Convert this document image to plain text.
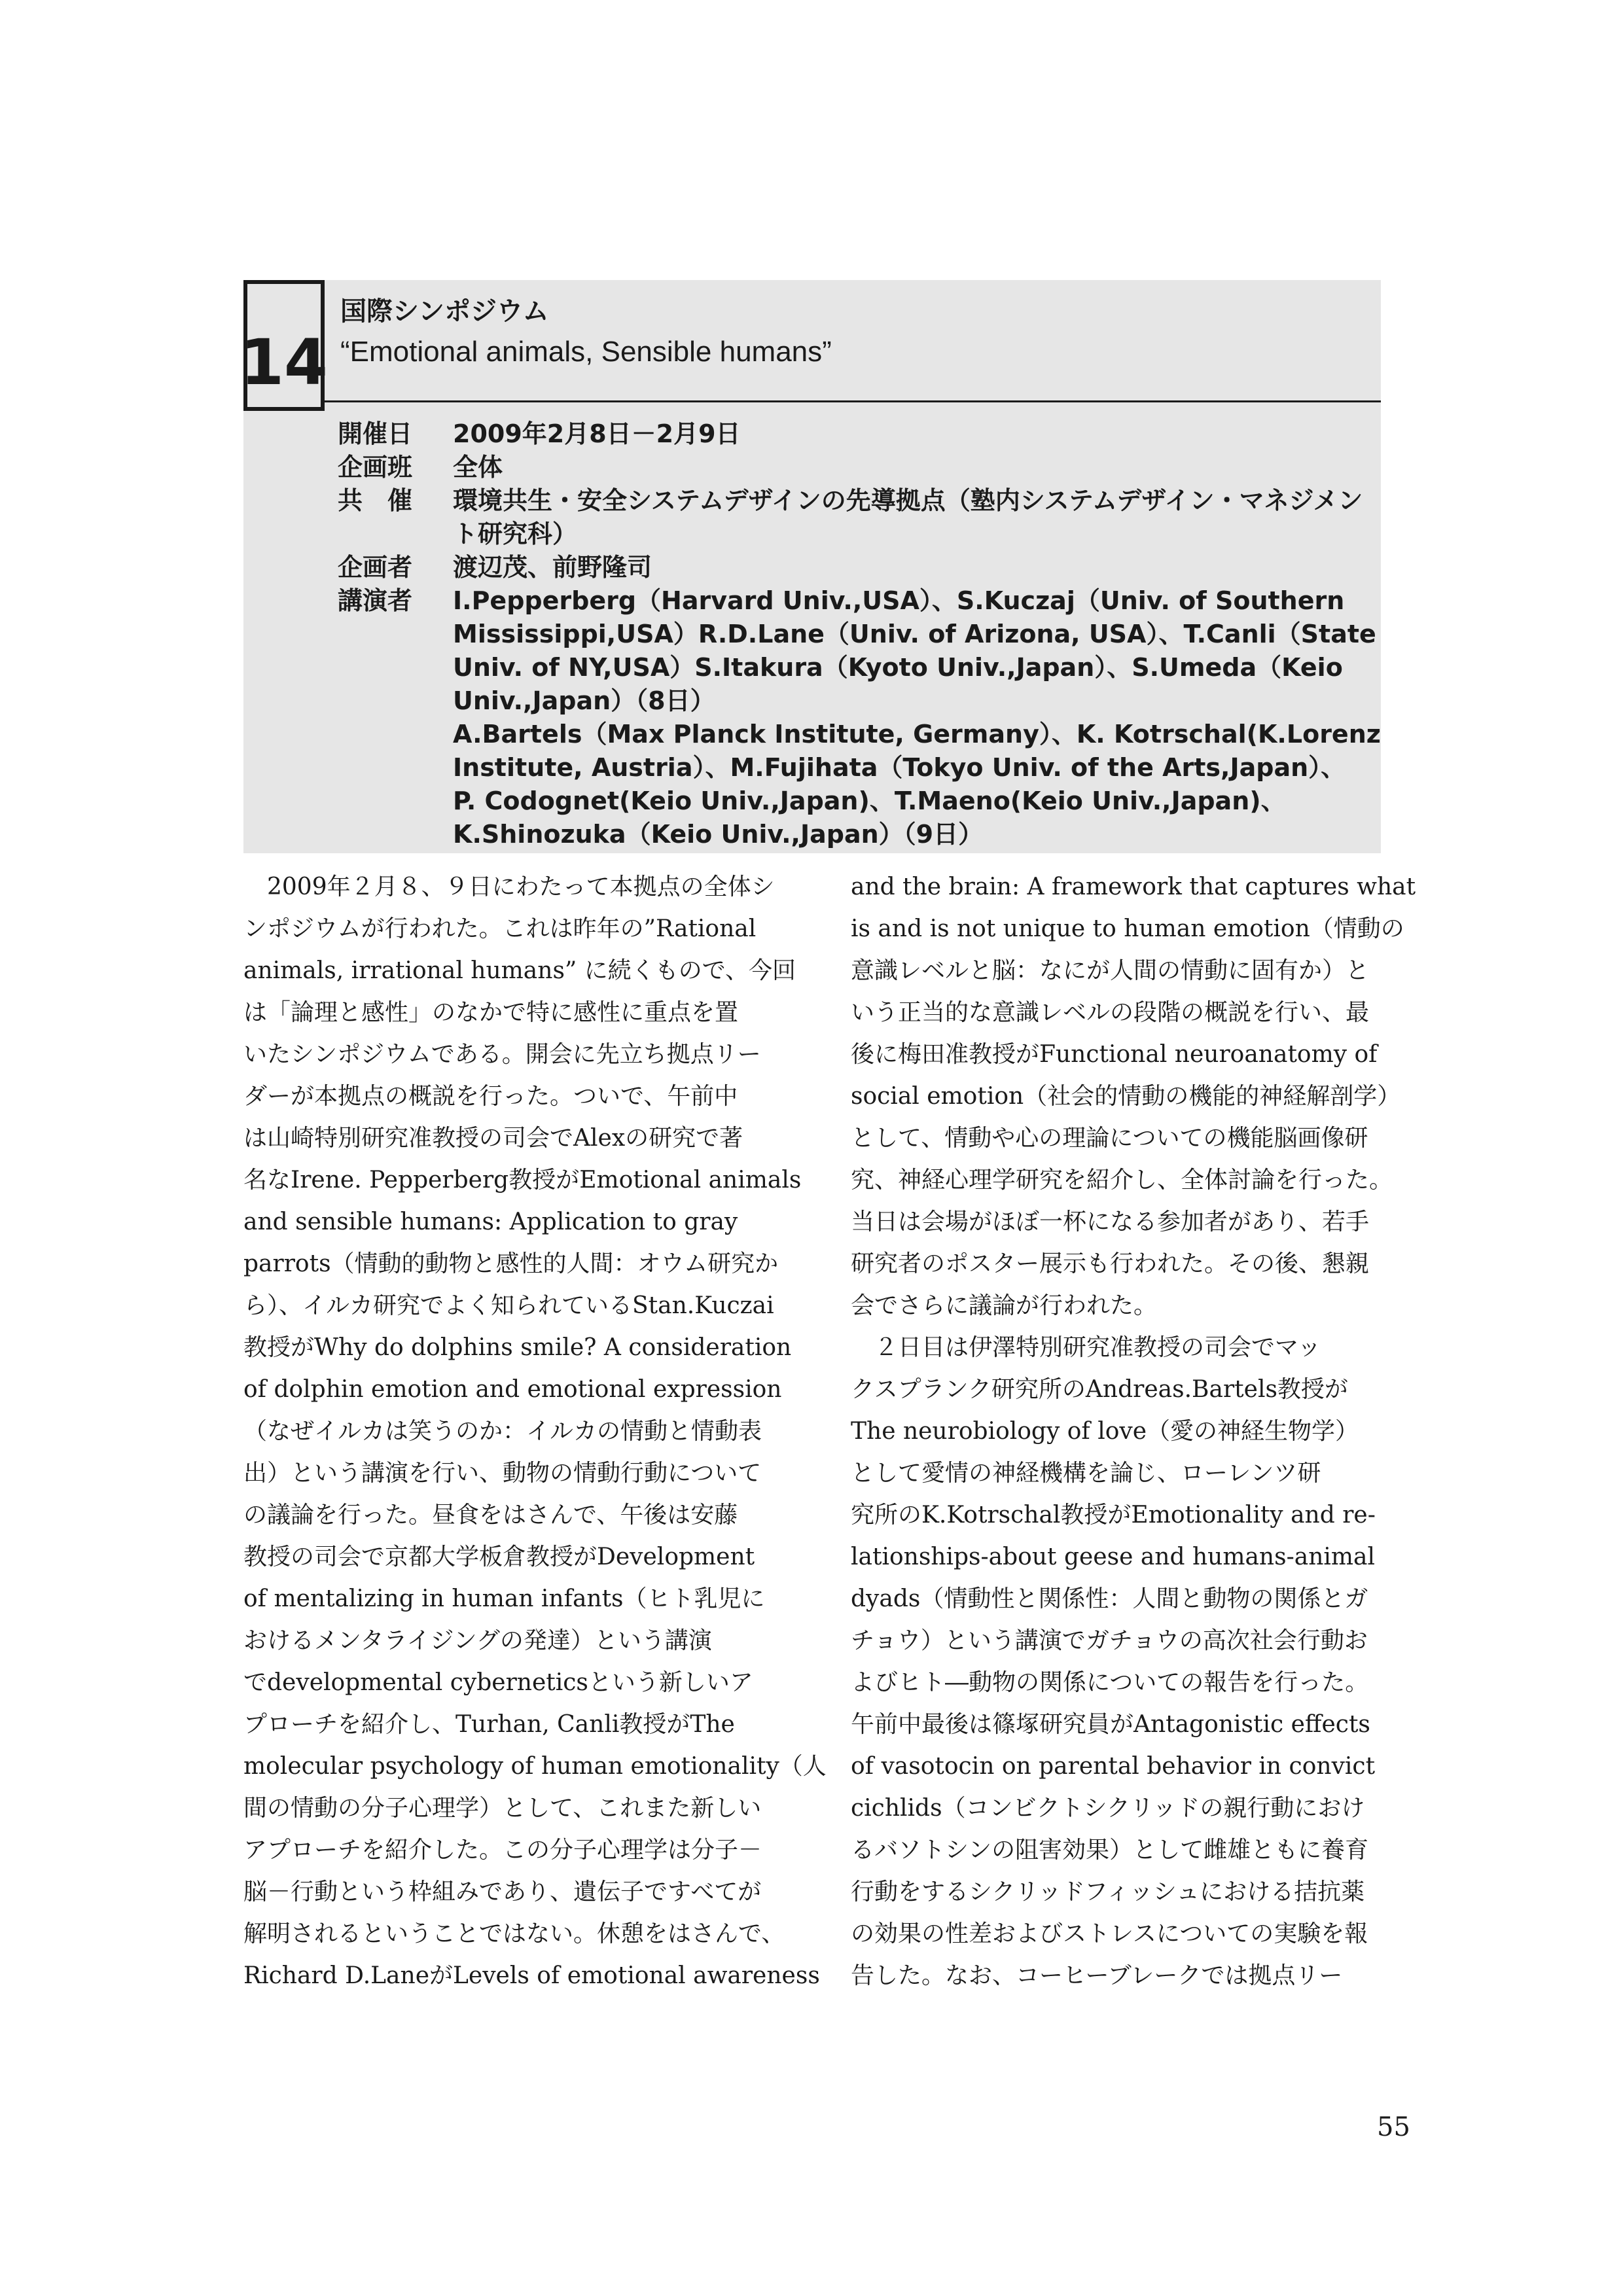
14
国際シンポジウム
“Emotional animals, Sensible humans”
開催日	2009年2月8日－2月9日
企画班	全体
共　催	環境共生・安全システムデザインの先導拠点（塾内システムデザイン・マネジメン
ト研究科）
企画者	渡辺茂、前野隆司
講演者	I.Pepperberg（Harvard Univ.,USA）、S.Kuczaj（Univ. of Southern
Mississippi,USA）R.D.Lane（Univ. of Arizona, USA）、T.Canli（State
Univ. of NY,USA）S.Itakura（Kyoto Univ.,Japan）、S.Umeda（Keio
Univ.,Japan）（8日）
A.Bartels（Max Planck Institute, Germany）、K. Kotrschal(K.Lorenz
Institute, Austria）、M.Fujihata（Tokyo Univ. of the Arts,Japan）、
P. Codognet(Keio Univ.,Japan)、T.Maeno(Keio Univ.,Japan)、
K.Shinozuka（Keio Univ.,Japan）（9日）
2009年２月８、９日にわたって本拠点の全体シ
ンポジウムが行われた。これは昨年の”Rational
animals, irrational humans” に続くもので、今回
は「論理と感性」のなかで特に感性に重点を置
いたシンポジウムである。開会に先立ち拠点リー
ダーが本拠点の概説を行った。ついで、午前中
は山崎特別研究准教授の司会でAlexの研究で著
名なIrene. Pepperberg教授がEmotional animals
and sensible humans: Application to gray
parrots（情動的動物と感性的人間：オウム研究か
ら）、イルカ研究でよく知られているStan.Kuczai
教授がWhy do dolphins smile? A consideration
of dolphin emotion and emotional expression
（なぜイルカは笑うのか：イルカの情動と情動表
出）という講演を行い、動物の情動行動について
の議論を行った。昼食をはさんで、午後は安藤
教授の司会で京都大学板倉教授がDevelopment
of mentalizing in human infants（ヒト乳児に
おけるメンタライジングの発達）という講演
でdevelopmental cyberneticsという新しいア
プローチを紹介し、Turhan, Canli教授がThe
molecular psychology of human emotionality（人
間の情動の分子心理学）として、これまた新しい
アプローチを紹介した。この分子心理学は分子－
脳－行動という枠組みであり、遺伝子ですべてが
解明されるということではない。休憩をはさんで、
Richard D.LaneがLevels of emotional awareness
and the brain: A framework that captures what
is and is not unique to human emotion（情動の
意識レベルと脳：なにが人間の情動に固有か）と
いう正当的な意識レベルの段階の概説を行い、最
後に梅田准教授がFunctional neuroanatomy of
social emotion（社会的情動の機能的神経解剖学）
として、情動や心の理論についての機能脳画像研
究、神経心理学研究を紹介し、全体討論を行った。
当日は会場がほぼ一杯になる参加者があり、若手
研究者のポスター展示も行われた。その後、懇親
会でさらに議論が行われた。
２日目は伊澤特別研究准教授の司会でマッ
クスプランク研究所のAndreas.Bartels教授が
The neurobiology of love（愛の神経生物学）
として愛情の神経機構を論じ、ローレンツ研
究所のK.Kotrschal教授がEmotionality and re-
lationships-about geese and humans-animal
dyads（情動性と関係性：人間と動物の関係とガ
チョウ）という講演でガチョウの高次社会行動お
よびヒト―動物の関係についての報告を行った。
午前中最後は篠塚研究員がAntagonistic effects
of vasotocin on parental behavior in convict
cichlids（コンビクトシクリッドの親行動におけ
るバソトシンの阻害効果）として雌雄ともに養育
行動をするシクリッドフィッシュにおける拮抗薬
の効果の性差およびストレスについての実験を報
告した。なお、コーヒーブレークでは拠点リー
55
